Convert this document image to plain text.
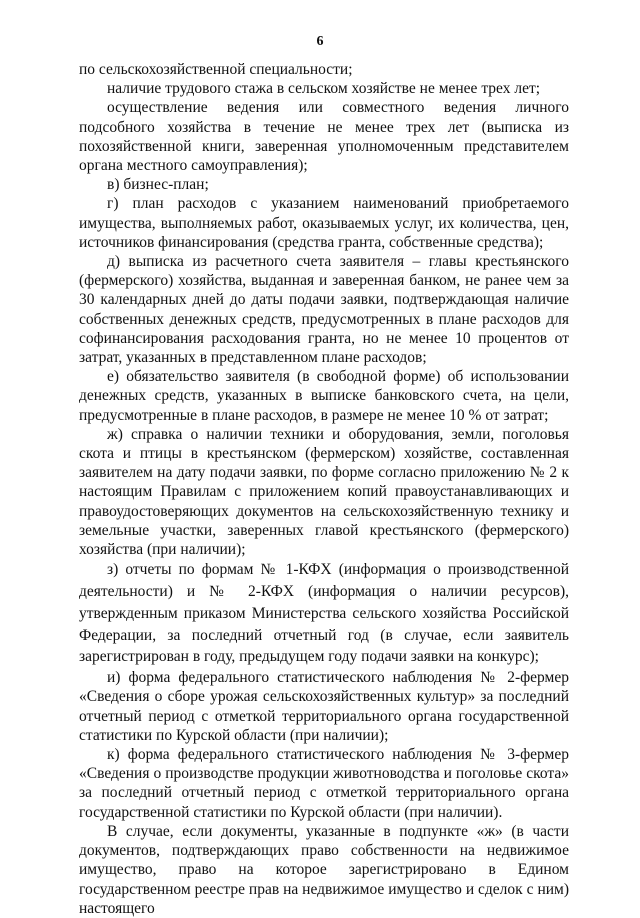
6

по сельскохозяйственной специальности;

наличие трудового стажа в сельском хозяйстве не менее трех лет;

осуществление ведения или совместного ведения личного подсобного хозяйства в течение не менее трех лет (выписка из похозяйственной книги, заверенная уполномоченным представителем органа местного самоуправления);

в) бизнес-план;

г) план расходов с указанием наименований приобретаемого имущества, выполняемых работ, оказываемых услуг, их количества, цен, источников финансирования (средства гранта, собственные средства);

д) выписка из расчетного счета заявителя – главы крестьянского (фермерского) хозяйства, выданная и заверенная банком, не ранее чем за 30 календарных дней до даты подачи заявки, подтверждающая наличие собственных денежных средств, предусмотренных в плане расходов для софинансирования расходования гранта, но не менее 10 процентов от затрат, указанных в представленном плане расходов;

е) обязательство заявителя (в свободной форме) об использовании денежных средств, указанных в выписке банковского счета, на цели, предусмотренные в плане расходов, в размере не менее 10 % от затрат;

ж) справка о наличии техники и оборудования, земли, поголовья скота и птицы в крестьянском (фермерском) хозяйстве, составленная заявителем на дату подачи заявки, по форме согласно приложению № 2 к настоящим Правилам с приложением копий правоустанавливающих и правоудостоверяющих документов на сельскохозяйственную технику и земельные участки, заверенных главой крестьянского (фермерского) хозяйства (при наличии);

з) отчеты по формам № 1-КФХ (информация о производственной деятельности) и № 2-КФХ (информация о наличии ресурсов), утвержденным приказом Министерства сельского хозяйства Российской Федерации, за последний отчетный год (в случае, если заявитель зарегистрирован в году, предыдущем году подачи заявки на конкурс);

и) форма федерального статистического наблюдения № 2-фермер «Сведения о сборе урожая сельскохозяйственных культур» за последний отчетный период с отметкой территориального органа государственной статистики по Курской области (при наличии);

к) форма федерального статистического наблюдения № 3-фермер «Сведения о производстве продукции животноводства и поголовье скота» за последний отчетный период с отметкой территориального органа государственной статистики по Курской области (при наличии).

В случае, если документы, указанные в подпункте «ж» (в части документов, подтверждающих право собственности на недвижимое имущество, право на которое зарегистрировано в Едином государственном реестре прав на недвижимое имущество и сделок с ним) настоящего
